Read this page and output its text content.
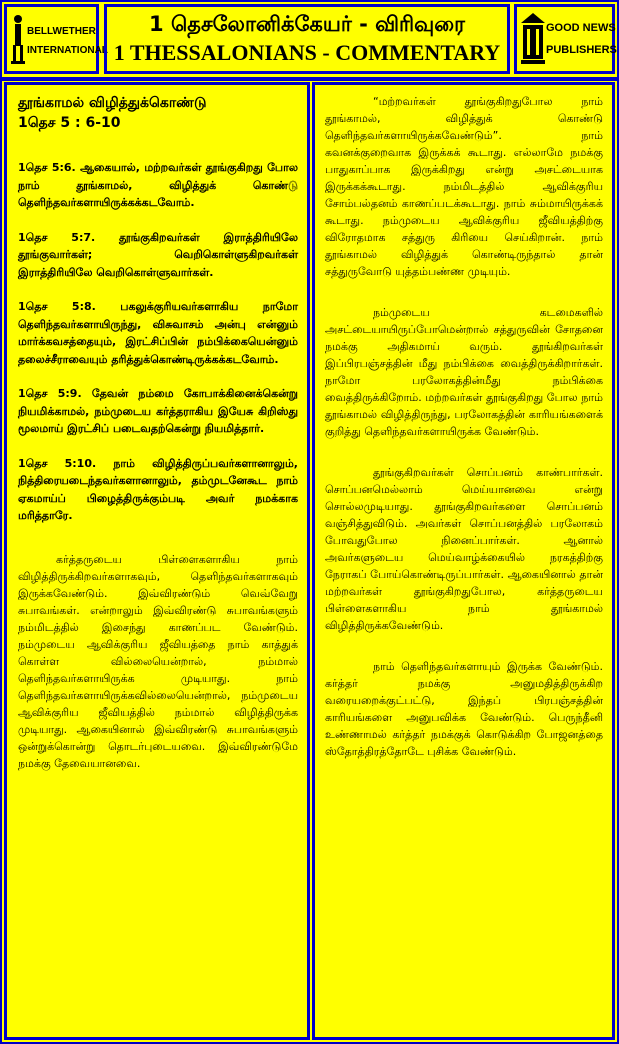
BELLWETHER
INTERNATIONAL
1 தெசலோனிக்கேயர் - விரிவுரை
1 THESSALONIANS - COMMENTARY
GOOD NEWS
PUBLISHERS
தூங்காமல் விழித்துக்கொண்டு
1தெச 5 : 6-10

1தெச 5:6. ஆகையால், மற்றவர்கள் தூங்குகிறது போல நாம் தூங்காமல், விழித்துக் கொண்டு தெளிந்தவர்களாயிருக்கக்கடவோம்.

1தெச 5:7. தூங்குகிறவர்கள் இராத்திரியிலே தூங்குவார்கள்; வெறிகொள்ளுகிறவர்கள் இராத்திரியிலே வெறிகொள்ளுவார்கள்.

1தெச 5:8. பகலுக்குரியவர்களாகிய நாமோ தெளிந்தவர்களாயிருந்து, விசுவாசம் அன்பு என்னும் மார்க்கவசத்தையும், இரட்சிப்பின் நம்பிக்கையென்னும் தலைச்சீராவையும் தரித்துக்கொண்டிருக்கக்கடவோம்.

1தெச 5:9. தேவன் நம்மை கோபாக்கினைக்கென்று நியமிக்காமல், நம்முடைய கர்த்தராகிய இயேசு கிறிஸ்து மூலமாய் இரட்சிப் படைவதற்கென்று நியமித்தார்.

1தெச 5:10. நாம் விழித்திருப்பவர்களானாலும், நித்திரையடைந்தவர்களானாலும், தம்முடனேகூட நாம் ஏகமாய்ப் பிழைத்திருக்கும்படி அவர் நமக்காக மரித்தாரே.

கர்த்தருடைய பிள்ளைகளாகிய நாம் விழித்திருக்கிறவர்களாகவும், தெளிந்தவர்களாகவும் இருக்கவேண்டும். இவ்விரண்டும் வெவ்வேறு சுபாவங்கள். என்றாலும் இவ்விரண்டு சுபாவங்களும் நம்மிடத்தில் இசைந்து காணப்பட வேண்டும். நம்முடைய ஆவிக்குரிய ஜீவியத்தை நாம் காத்துக் கொள்ள வில்லையென்றால், நம்மால் தெளிந்தவர்களாயிருக்க முடியாது. நாம் தெளிந்தவர்களாயிருக்கவில்லையென்றால், நம்முடைய ஆவிக்குரிய ஜீவியத்தில் நம்மால் விழித்திருக்க முடியாது. ஆகையினால் இவ்விரண்டு சுபாவங்களும் ஒன்றுக்கொன்று தொடர்புடையவை. இவ்விரண்டுமே நமக்கு தேவையானவை.

“மற்றவர்கள் தூங்குகிறதுபோல நாம் தூங்காமல், விழித்துக் கொண்டு தெளிந்தவர்களாயிருக்கவேண்டும்”. நாம் கவனக்குறைவாக இருக்கக் கூடாது. எல்லாமே நமக்கு பாதுகாப்பாக இருக்கிறது என்று அசட்டையாக இருக்கக்கூடாது. நம்மிடத்தில் ஆவிக்குரிய சோம்பல்தனம் காணப்படக்கூடாது. நாம் சும்மாயிருக்கக் கூடாது. நம்முடைய ஆவிக்குரிய ஜீவியத்திற்கு விரோதமாக சத்துரு கிரியை செய்கிறான். நாம் தூங்காமல் விழித்துக் கொண்டிருந்தால் தான் சத்துருவோடு யுத்தம்பண்ண முடியும்.

நம்முடைய கடமைகளில் அசட்டையாயிருப்போமென்றால் சத்துருவின் சோதனை நமக்கு அதிகமாய் வரும். தூங்கிறவர்கள் இப்பிரபஞ்சத்தின் மீது நம்பிக்கை வைத்திருக்கிறார்கள். நாமோ பரலோகத்தின்மீது நம்பிக்கை வைத்திருக்கிறோம். மற்றவர்கள் தூங்குகிறது போல நாம் தூங்காமல் விழித்திருந்து, பரலோகத்தின் காரியங்களைக் குறித்து தெளிந்தவர்களாயிருக்க வேண்டும்.

தூங்குகிறவர்கள் சொப்பனம் காண்பார்கள். சொப்பனமெல்லாம் மெய்யானவை என்று சொல்லமுடியாது. தூங்குகிறவர்களை சொப்பனம் வஞ்சித்துவிடும். அவர்கள் சொப்பனத்தில் பரலோகம் போவதுபோல நினைப்பார்கள். ஆனால் அவர்களுடைய மெய்வாழ்க்கையில் நரகத்திற்கு நேராகப் போய்கொண்டிருப்பார்கள். ஆகையினால் தான் மற்றவர்கள் தூங்குகிறதுபோல, கர்த்தருடைய பிள்ளைகளாகிய நாம் தூங்காமல் விழித்திருக்கவேண்டும்.

நாம் தெளிந்தவர்களாயும் இருக்க வேண்டும். கர்த்தர் நமக்கு அனுமதித்திருக்கிற வரையறைக்குட்பட்டு, இந்தப் பிரபஞ்சத்தின் காரியங்களை அனுபவிக்க வேண்டும். பெருந்தீனி உண்ணாமல் கர்த்தர் நமக்குக் கொடுக்கிற போஜனத்தை ஸ்தோத்திரத்தோடே புசிக்க வேண்டும்.
